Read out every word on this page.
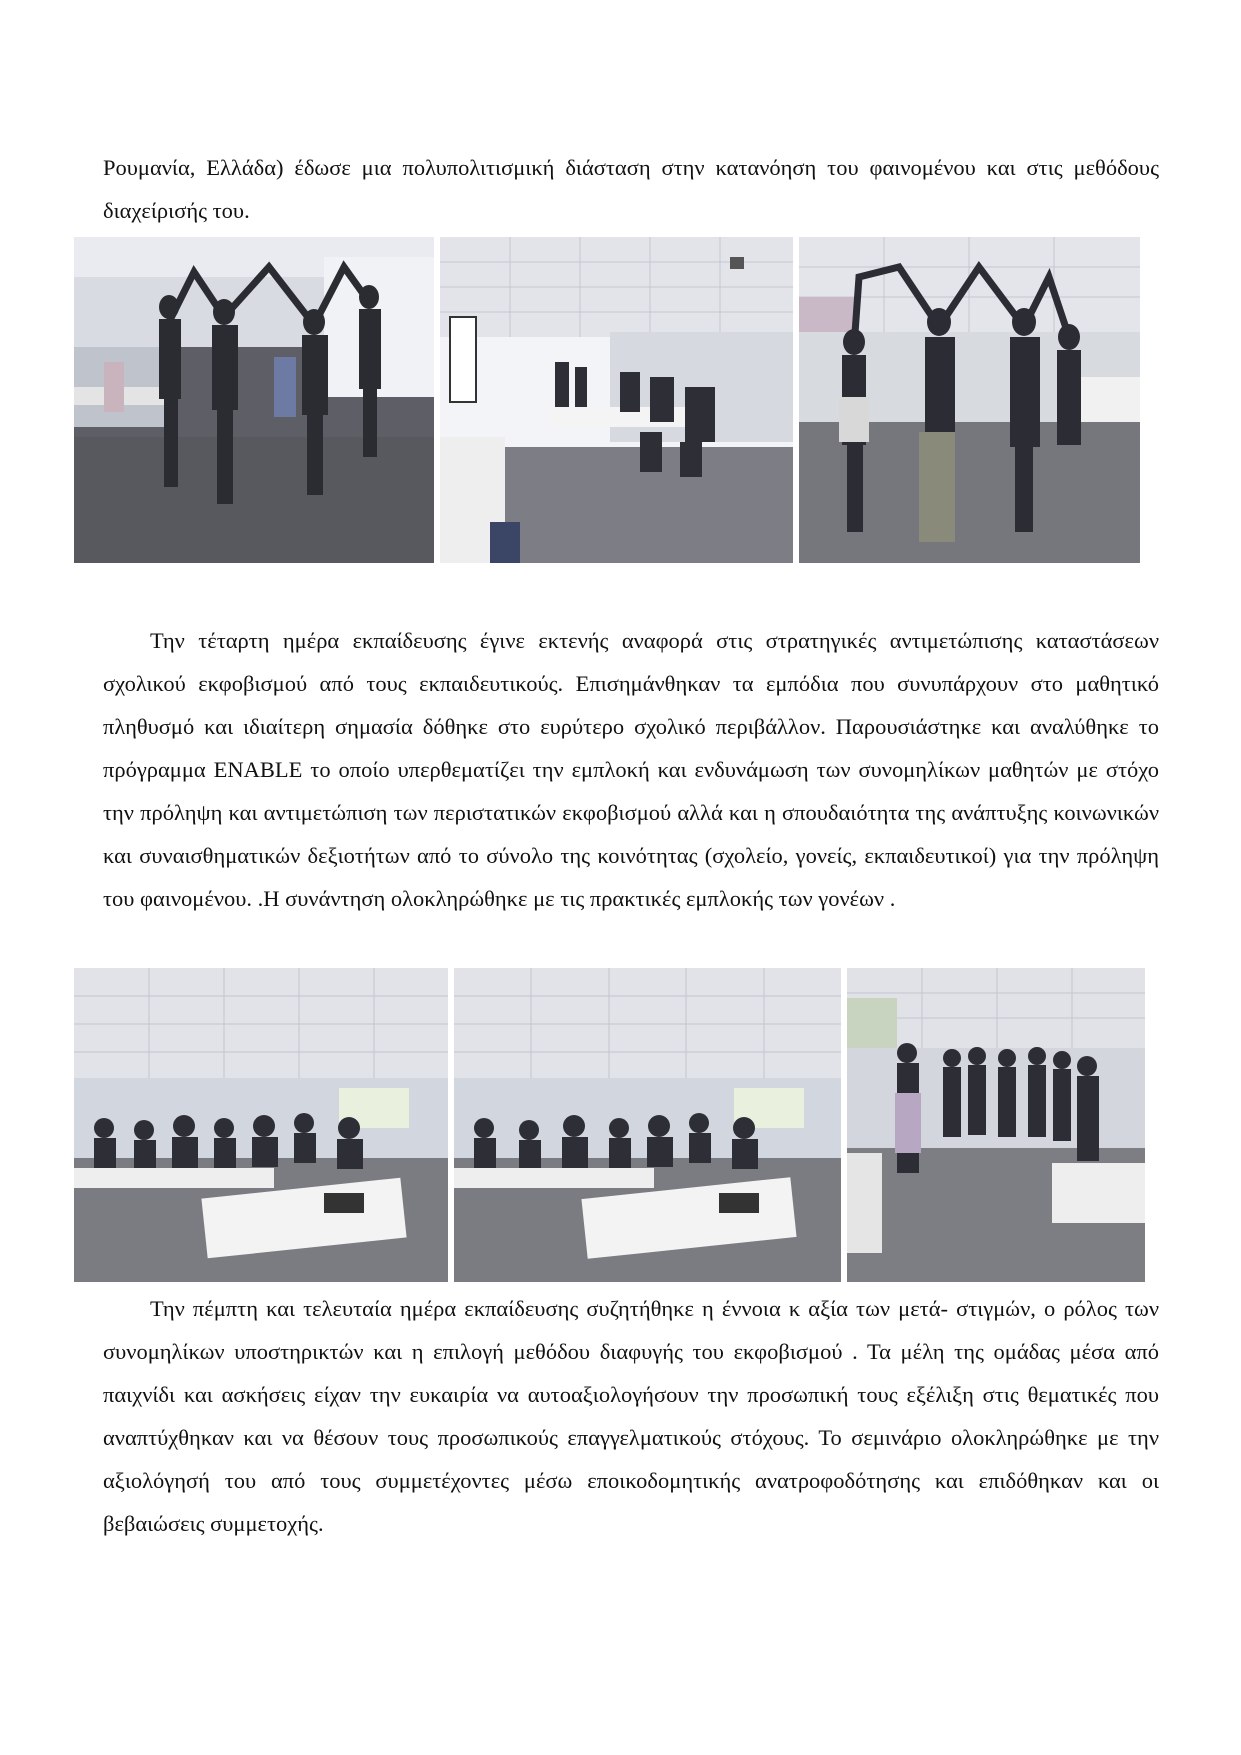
Ρουμανία, Ελλάδα) έδωσε μια πολυπολιτισμική διάσταση στην κατανόηση του φαινομένου και στις μεθόδους διαχείρισής του.

Την τέταρτη ημέρα εκπαίδευσης έγινε εκτενής αναφορά στις στρατηγικές αντιμετώπισης καταστάσεων σχολικού εκφοβισμού από τους εκπαιδευτικούς. Επισημάνθηκαν τα εμπόδια που συνυπάρχουν στο μαθητικό πληθυσμό και ιδιαίτερη σημασία δόθηκε στο ευρύτερο σχολικό περιβάλλον. Παρουσιάστηκε και αναλύθηκε το πρόγραμμα ENABLE το οποίο υπερθεματίζει την εμπλοκή και ενδυνάμωση των συνομηλίκων μαθητών με στόχο την πρόληψη και αντιμετώπιση των περιστατικών εκφοβισμού αλλά και η σπουδαιότητα της ανάπτυξης κοινωνικών και συναισθηματικών δεξιοτήτων από το σύνολο της κοινότητας (σχολείο, γονείς, εκπαιδευτικοί) για την πρόληψη του φαινομένου. .Η συνάντηση ολοκληρώθηκε με τις πρακτικές εμπλοκής των γονέων .

Την πέμπτη και τελευταία ημέρα εκπαίδευσης συζητήθηκε η έννοια κ αξία των μετά- στιγμών, ο ρόλος των συνομηλίκων υποστηρικτών και η επιλογή μεθόδου διαφυγής του εκφοβισμού . Τα μέλη της ομάδας μέσα από παιχνίδι και ασκήσεις είχαν την ευκαιρία να αυτοαξιολογήσουν την προσωπική τους εξέλιξη στις θεματικές που αναπτύχθηκαν και να θέσουν τους προσωπικούς επαγγελματικούς στόχους. Το σεμινάριο ολοκληρώθηκε με την αξιολόγησή του από τους συμμετέχοντες μέσω εποικοδομητικής ανατροφοδότησης και επιδόθηκαν και οι βεβαιώσεις συμμετοχής.
